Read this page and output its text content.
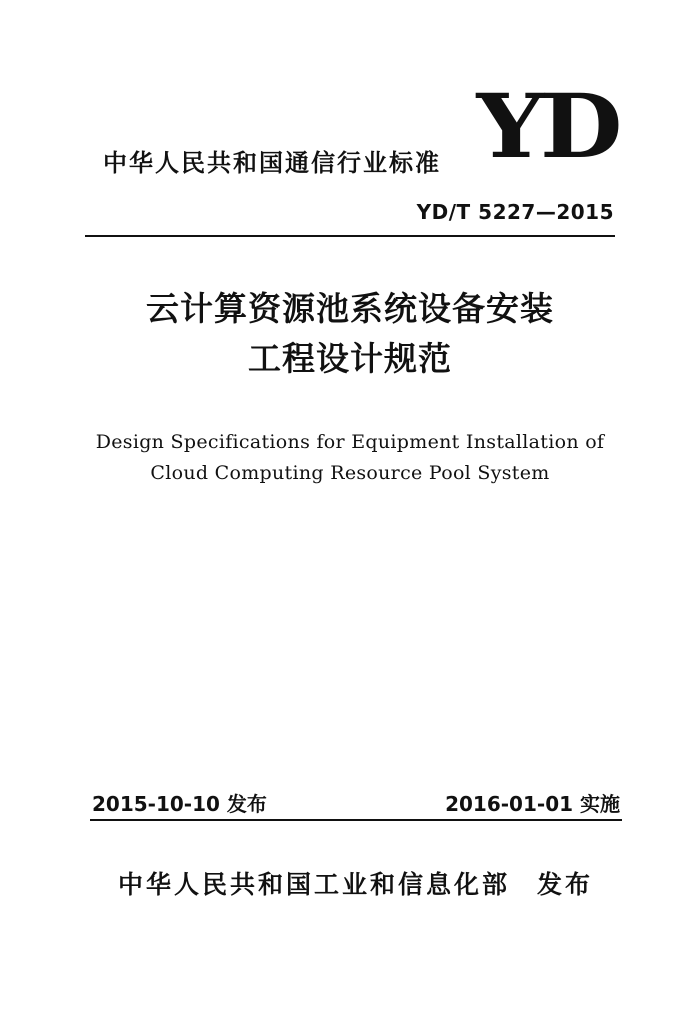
中华人民共和国通信行业标准 YD
YD/T 5227—2015
云计算资源池系统设备安装
工程设计规范
Design Specifications for Equipment Installation of
Cloud Computing Resource Pool System
2015-10-10 发布	2016-01-01 实施
中华人民共和国工业和信息化部 发布
